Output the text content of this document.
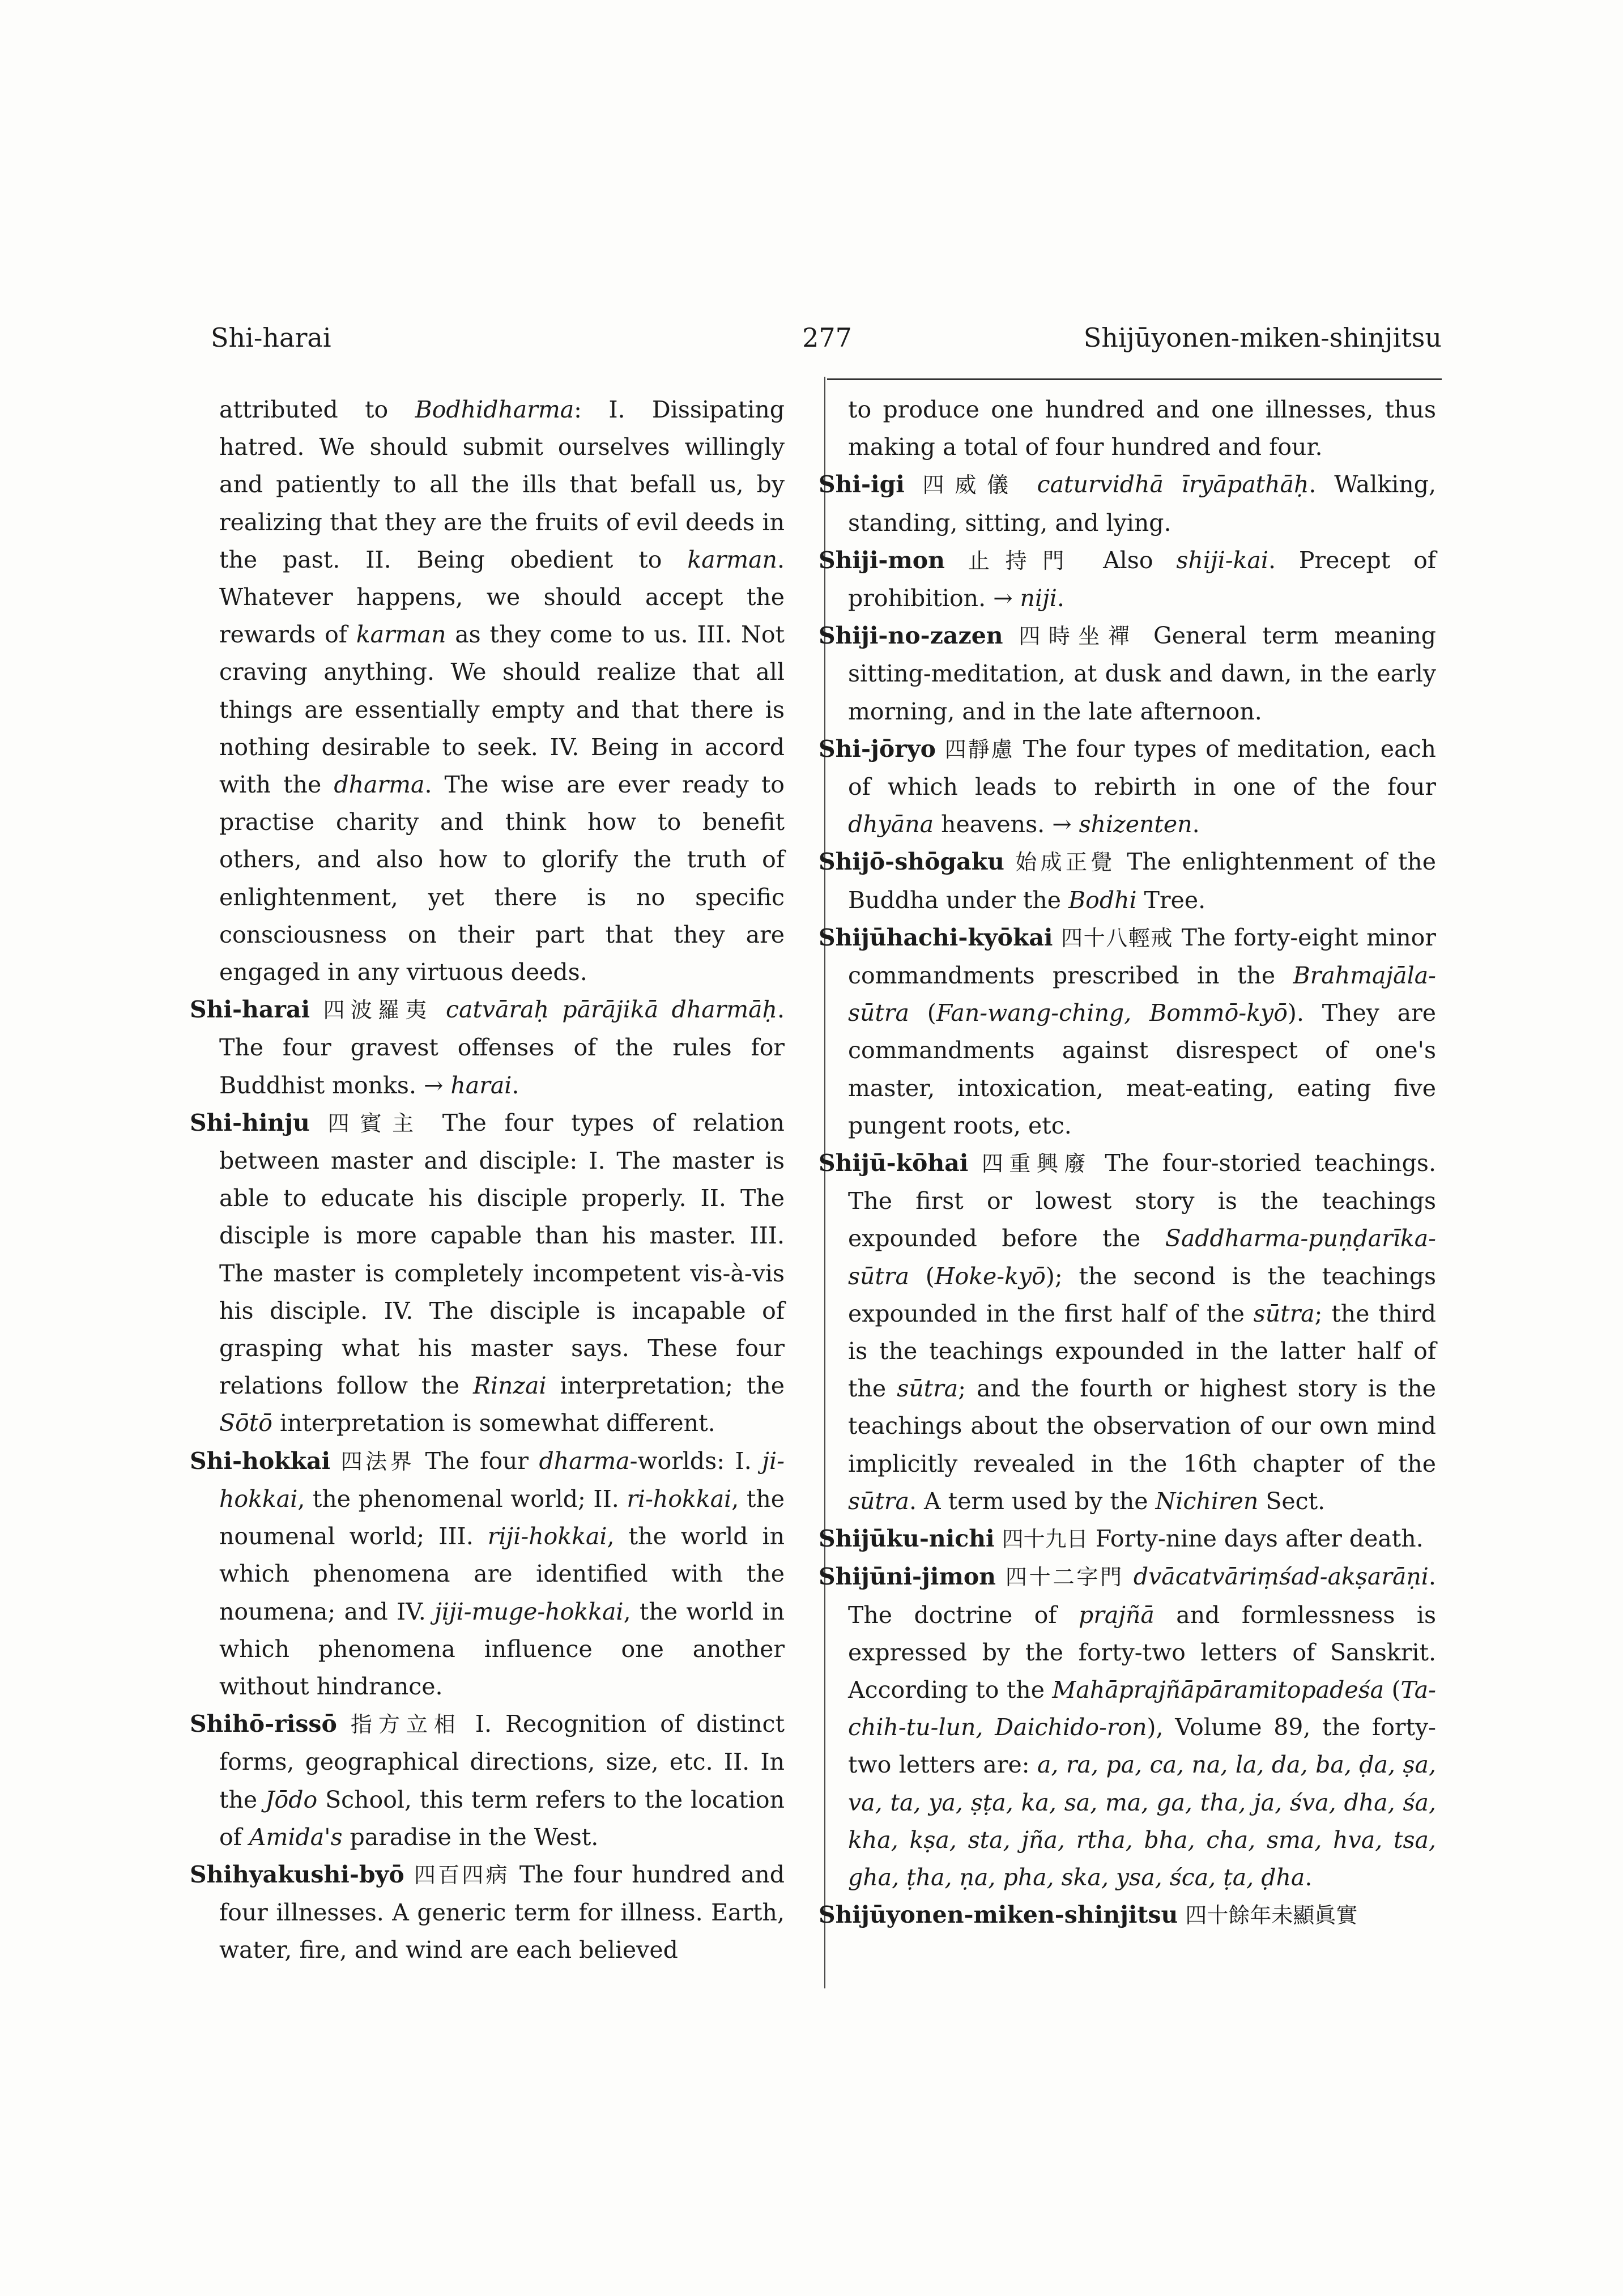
Shi-harai	277	Shijūyonen-miken-shinjitsu

attributed to Bodhidharma: I. Dissipating hatred. We should submit ourselves willingly and patiently to all the ills that befall us, by realizing that they are the fruits of evil deeds in the past. II. Being obedient to karman. Whatever happens, we should accept the rewards of karman as they come to us. III. Not craving anything. We should realize that all things are essentially empty and that there is nothing desirable to seek. IV. Being in accord with the dharma. The wise are ever ready to practise charity and think how to benefit others, and also how to glorify the truth of enlightenment, yet there is no specific consciousness on their part that they are engaged in any virtuous deeds.

Shi-harai 四波羅夷 catvāraḥ pārājikā dharmāḥ. The four gravest offenses of the rules for Buddhist monks. → harai.

Shi-hinju 四賓主 The four types of relation between master and disciple: I. The master is able to educate his disciple properly. II. The disciple is more capable than his master. III. The master is completely incompetent vis-à-vis his disciple. IV. The disciple is incapable of grasping what his master says. These four relations follow the Rinzai interpretation; the Sōtō interpretation is somewhat different.

Shi-hokkai 四法界 The four dharma-worlds: I. ji-hokkai, the phenomenal world; II. ri-hokkai, the noumenal world; III. riji-hokkai, the world in which phenomena are identified with the noumena; and IV. jiji-muge-hokkai, the world in which phenomena influence one another without hindrance.

Shihō-rissō 指方立相 I. Recognition of distinct forms, geographical directions, size, etc. II. In the Jōdo School, this term refers to the location of Amida's paradise in the West.

Shihyakushi-byō 四百四病 The four hundred and four illnesses. A generic term for illness. Earth, water, fire, and wind are each believed

to produce one hundred and one illnesses, thus making a total of four hundred and four.

Shi-igi 四威儀 caturvidhā īryāpathāḥ. Walking, standing, sitting, and lying.

Shiji-mon 止持門 Also shiji-kai. Precept of prohibition. → niji.

Shiji-no-zazen 四時坐禪 General term meaning sitting-meditation, at dusk and dawn, in the early morning, and in the late afternoon.

Shi-jōryo 四靜慮 The four types of meditation, each of which leads to rebirth in one of the four dhyāna heavens. → shizenten.

Shijō-shōgaku 始成正覺 The enlightenment of the Buddha under the Bodhi Tree.

Shijūhachi-kyōkai 四十八輕戒 The forty-eight minor commandments prescribed in the Brahmajāla-sūtra (Fan-wang-ching, Bommō-kyō). They are commandments against disrespect of one's master, intoxication, meat-eating, eating five pungent roots, etc.

Shijū-kōhai 四重興廢 The four-storied teachings. The first or lowest story is the teachings expounded before the Saddharma-puṇḍarīka-sūtra (Hoke-kyō); the second is the teachings expounded in the first half of the sūtra; the third is the teachings expounded in the latter half of the sūtra; and the fourth or highest story is the teachings about the observation of our own mind implicitly revealed in the 16th chapter of the sūtra. A term used by the Nichiren Sect.

Shijūku-nichi 四十九日 Forty-nine days after death.

Shijūni-jimon 四十二字門 dvācatvāriṃśad-akṣarāṇi. The doctrine of prajñā and formlessness is expressed by the forty-two letters of Sanskrit. According to the Mahāprajñāpāramitopadeśa (Ta-chih-tu-lun, Daichido-ron), Volume 89, the forty-two letters are: a, ra, pa, ca, na, la, da, ba, ḍa, ṣa, va, ta, ya, ṣṭa, ka, sa, ma, ga, tha, ja, śva, dha, śa, kha, kṣa, sta, jña, rtha, bha, cha, sma, hva, tsa, gha, ṭha, ṇa, pha, ska, ysa, śca, ṭa, ḍha.

Shijūyonen-miken-shinjitsu 四十餘年未顯眞實
